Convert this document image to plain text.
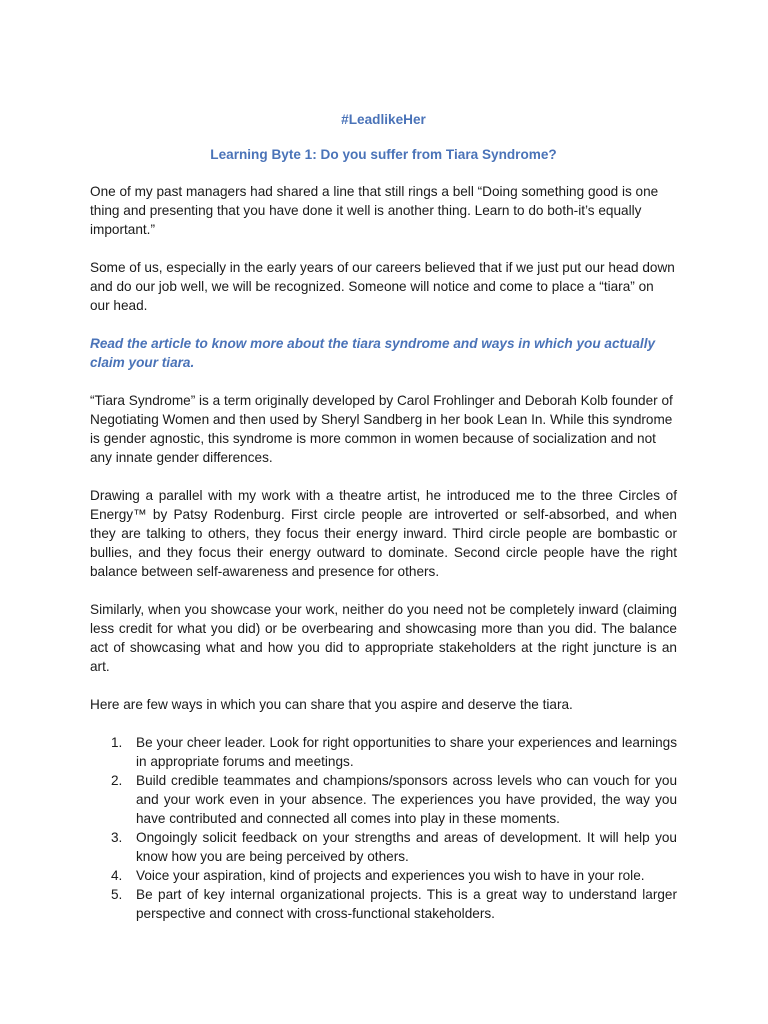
#LeadlikeHer
Learning Byte 1: Do you suffer from Tiara Syndrome?

One of my past managers had shared a line that still rings a bell “Doing something good is one thing and presenting that you have done it well is another thing. Learn to do both-it’s equally important.”

Some of us, especially in the early years of our careers believed that if we just put our head down and do our job well, we will be recognized. Someone will notice and come to place a “tiara” on our head.

Read the article to know more about the tiara syndrome and ways in which you actually claim your tiara.

“Tiara Syndrome” is a term originally developed by Carol Frohlinger and Deborah Kolb founder of Negotiating Women and then used by Sheryl Sandberg in her book Lean In. While this syndrome is gender agnostic, this syndrome is more common in women because of socialization and not any innate gender differences.

Drawing a parallel with my work with a theatre artist, he introduced me to the three Circles of Energy™ by Patsy Rodenburg. First circle people are introverted or self-absorbed, and when they are talking to others, they focus their energy inward. Third circle people are bombastic or bullies, and they focus their energy outward to dominate. Second circle people have the right balance between self-awareness and presence for others.

Similarly, when you showcase your work, neither do you need not be completely inward (claiming less credit for what you did) or be overbearing and showcasing more than you did. The balance act of showcasing what and how you did to appropriate stakeholders at the right juncture is an art.

Here are few ways in which you can share that you aspire and deserve the tiara.

1.	Be your cheer leader. Look for right opportunities to share your experiences and learnings in appropriate forums and meetings.
2.	Build credible teammates and champions/sponsors across levels who can vouch for you and your work even in your absence. The experiences you have provided, the way you have contributed and connected all comes into play in these moments.
3.	Ongoingly solicit feedback on your strengths and areas of development. It will help you know how you are being perceived by others.
4.	Voice your aspiration, kind of projects and experiences you wish to have in your role.
5.	Be part of key internal organizational projects. This is a great way to understand larger perspective and connect with cross-functional stakeholders.
